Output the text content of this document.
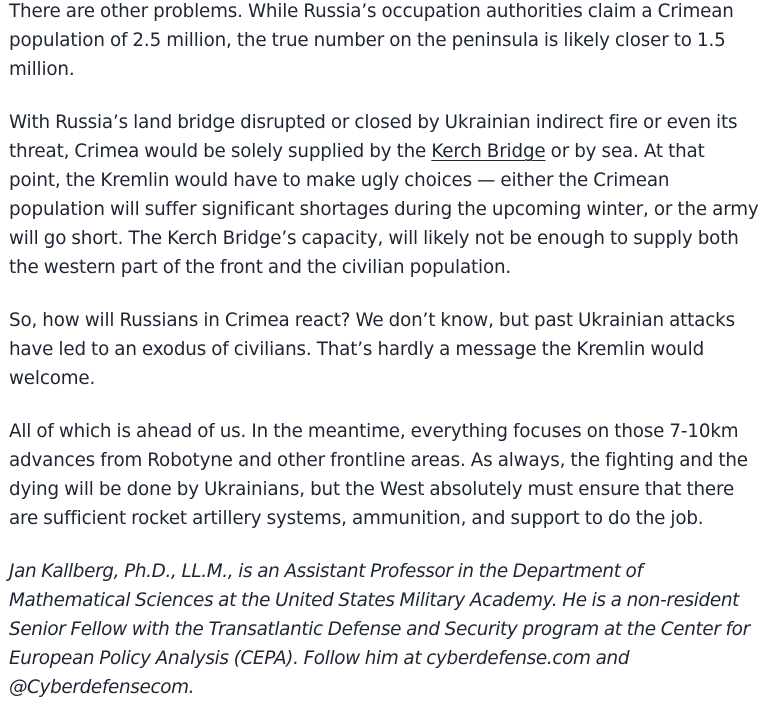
There are other problems. While Russia’s occupation authorities claim a Crimean
population of 2.5 million, the true number on the peninsula is likely closer to 1.5
million.

With Russia’s land bridge disrupted or closed by Ukrainian indirect fire or even its
threat, Crimea would be solely supplied by the Kerch Bridge or by sea. At that
point, the Kremlin would have to make ugly choices — either the Crimean
population will suffer significant shortages during the upcoming winter, or the army
will go short. The Kerch Bridge’s capacity, will likely not be enough to supply both
the western part of the front and the civilian population.

So, how will Russians in Crimea react? We don’t know, but past Ukrainian attacks
have led to an exodus of civilians. That’s hardly a message the Kremlin would
welcome.

All of which is ahead of us. In the meantime, everything focuses on those 7-10km
advances from Robotyne and other frontline areas. As always, the fighting and the
dying will be done by Ukrainians, but the West absolutely must ensure that there
are sufficient rocket artillery systems, ammunition, and support to do the job.

Jan Kallberg, Ph.D., LL.M., is an Assistant Professor in the Department of
Mathematical Sciences at the United States Military Academy. He is a non-resident
Senior Fellow with the Transatlantic Defense and Security program at the Center for
European Policy Analysis (CEPA). Follow him at cyberdefense.com and
@Cyberdefensecom.
